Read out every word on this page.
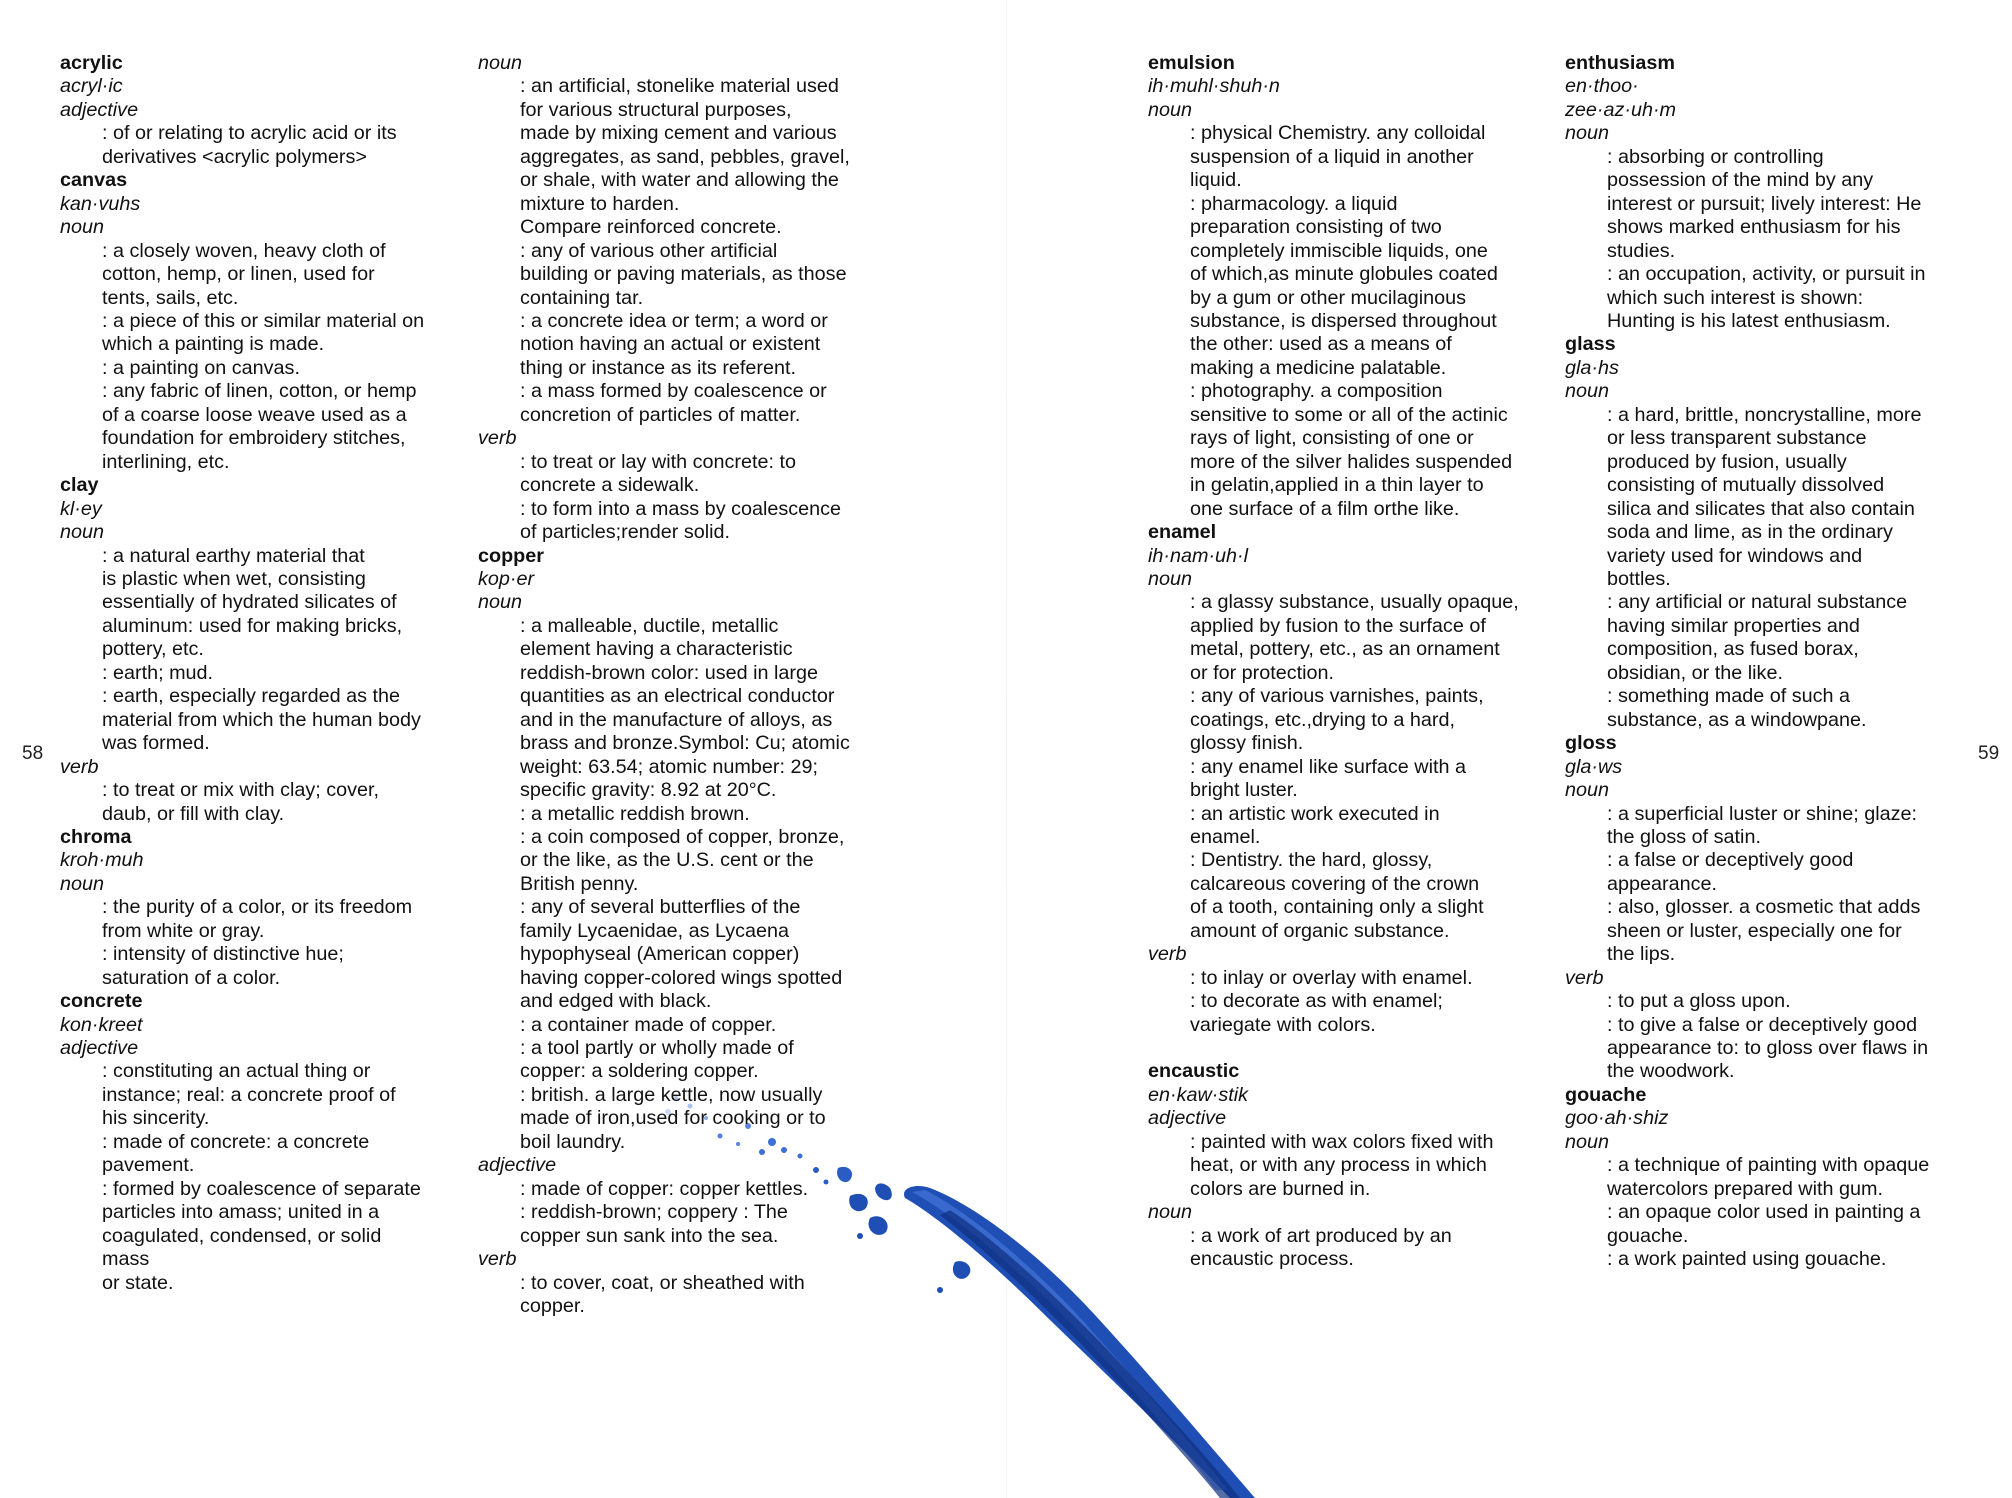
58	59
acrylic
acryl·ic
adjective
: of or relating to acrylic acid or its
derivatives <acrylic polymers>
canvas
kan·vuhs
noun
: a closely woven, heavy cloth of
cotton, hemp, or linen, used for
tents, sails, etc.
: a piece of this or similar material on
which a painting is made.
: a painting on canvas.
: any fabric of linen, cotton, or hemp
of a coarse loose weave used as a
foundation for embroidery stitches,
interlining, etc.
clay
kl·ey
noun
: a natural earthy material that
is plastic when wet, consisting
essentially of hydrated silicates of
aluminum: used for making bricks,
pottery, etc.
: earth; mud.
: earth, especially regarded as the
material from which the human body
was formed.
verb
: to treat or mix with clay; cover,
daub, or fill with clay.
chroma
kroh·muh
noun
: the purity of a color, or its freedom
from white or gray.
: intensity of distinctive hue;
saturation of a color.
concrete
kon·kreet
adjective
: constituting an actual thing or
instance; real: a concrete proof of
his sincerity.
: made of concrete: a concrete
pavement.
: formed by coalescence of separate
particles into amass; united in a
coagulated, condensed, or solid
mass
or state.
noun
: an artificial, stonelike material used
for various structural purposes,
made by mixing cement and various
aggregates, as sand, pebbles, gravel,
or shale, with water and allowing the
mixture to harden.
Compare reinforced concrete.
: any of various other artificial
building or paving materials, as those
containing tar.
: a concrete idea or term; a word or
notion having an actual or existent
thing or instance as its referent.
: a mass formed by coalescence or
concretion of particles of matter.
verb
: to treat or lay with concrete: to
concrete a sidewalk.
: to form into a mass by coalescence
of particles;render solid.
copper
kop·er
noun
: a malleable, ductile, metallic
element having a characteristic
reddish-brown color: used in large
quantities as an electrical conductor
and in the manufacture of alloys, as
brass and bronze.Symbol: Cu; atomic
weight: 63.54; atomic number: 29;
specific gravity: 8.92 at 20°C.
: a metallic reddish brown.
: a coin composed of copper, bronze,
or the like, as the U.S. cent or the
British penny.
: any of several butterflies of the
family Lycaenidae, as Lycaena
hypophyseal (American copper)
having copper-colored wings spotted
and edged with black.
: a container made of copper.
: a tool partly or wholly made of
copper: a soldering copper.
: british. a large kettle, now usually
made of iron,used for cooking or to
boil laundry.
adjective
: made of copper: copper kettles.
: reddish-brown; coppery : The
copper sun sank into the sea.
verb
: to cover, coat, or sheathed with
copper.
emulsion
ih·muhl·shuh·n
noun
: physical Chemistry. any colloidal
suspension of a liquid in another
liquid.
: pharmacology. a liquid
preparation consisting of two
completely immiscible liquids, one
of which,as minute globules coated
by a gum or other mucilaginous
substance, is dispersed throughout
the other: used as a means of
making a medicine palatable.
: photography. a composition
sensitive to some or all of the actinic
rays of light, consisting of one or
more of the silver halides suspended
in gelatin,applied in a thin layer to
one surface of a film orthe like.
enamel
ih·nam·uh·l
noun
: a glassy substance, usually opaque,
applied by fusion to the surface of
metal, pottery, etc., as an ornament
or for protection.
: any of various varnishes, paints,
coatings, etc.,drying to a hard,
glossy finish.
: any enamel like surface with a
bright luster.
: an artistic work executed in
enamel.
: Dentistry. the hard, glossy,
calcareous covering of the crown
of a tooth, containing only a slight
amount of organic substance.
verb
: to inlay or overlay with enamel.
: to decorate as with enamel;
variegate with colors.
encaustic
en·kaw·stik
adjective
: painted with wax colors fixed with
heat, or with any process in which
colors are burned in.
noun
: a work of art produced by an
encaustic process.
enthusiasm
en·thoo·
zee·az·uh·m
noun
: absorbing or controlling
possession of the mind by any
interest or pursuit; lively interest: He
shows marked enthusiasm for his
studies.
: an occupation, activity, or pursuit in
which such interest is shown:
Hunting is his latest enthusiasm.
glass
gla·hs
noun
: a hard, brittle, noncrystalline, more
or less transparent substance
produced by fusion, usually
consisting of mutually dissolved
silica and silicates that also contain
soda and lime, as in the ordinary
variety used for windows and
bottles.
: any artificial or natural substance
having similar properties and
composition, as fused borax,
obsidian, or the like.
: something made of such a
substance, as a windowpane.
gloss
gla·ws
noun
: a superficial luster or shine; glaze:
the gloss of satin.
: a false or deceptively good
appearance.
: also, glosser. a cosmetic that adds
sheen or luster, especially one for
the lips.
verb
: to put a gloss upon.
: to give a false or deceptively good
appearance to: to gloss over flaws in
the woodwork.
gouache
goo·ah·shiz
noun
: a technique of painting with opaque
watercolors prepared with gum.
: an opaque color used in painting a
gouache.
: a work painted using gouache.
